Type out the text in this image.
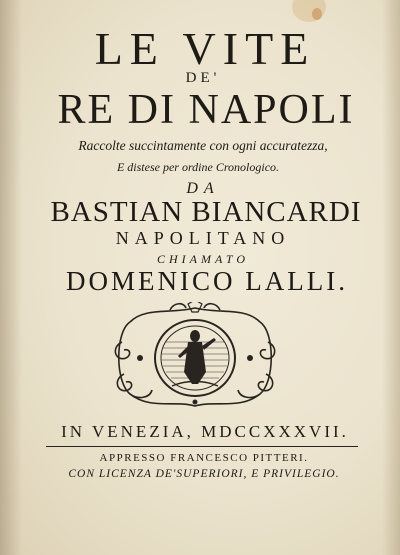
LE VITE
DE'
RE DI NAPOLI
Raccolte succintamente con ogni accuratezza,
E distese per ordine Cronologico.
DA
BASTIAN BIANCARDI
NAPOLITANO
CHIAMATO
DOMENICO LALLI.
IN VENEZIA, MDCCXXXVII.
APPRESSO FRANCESCO PITTERI.
CON LICENZA DE'SUPERIORI, E PRIVILEGIO.
